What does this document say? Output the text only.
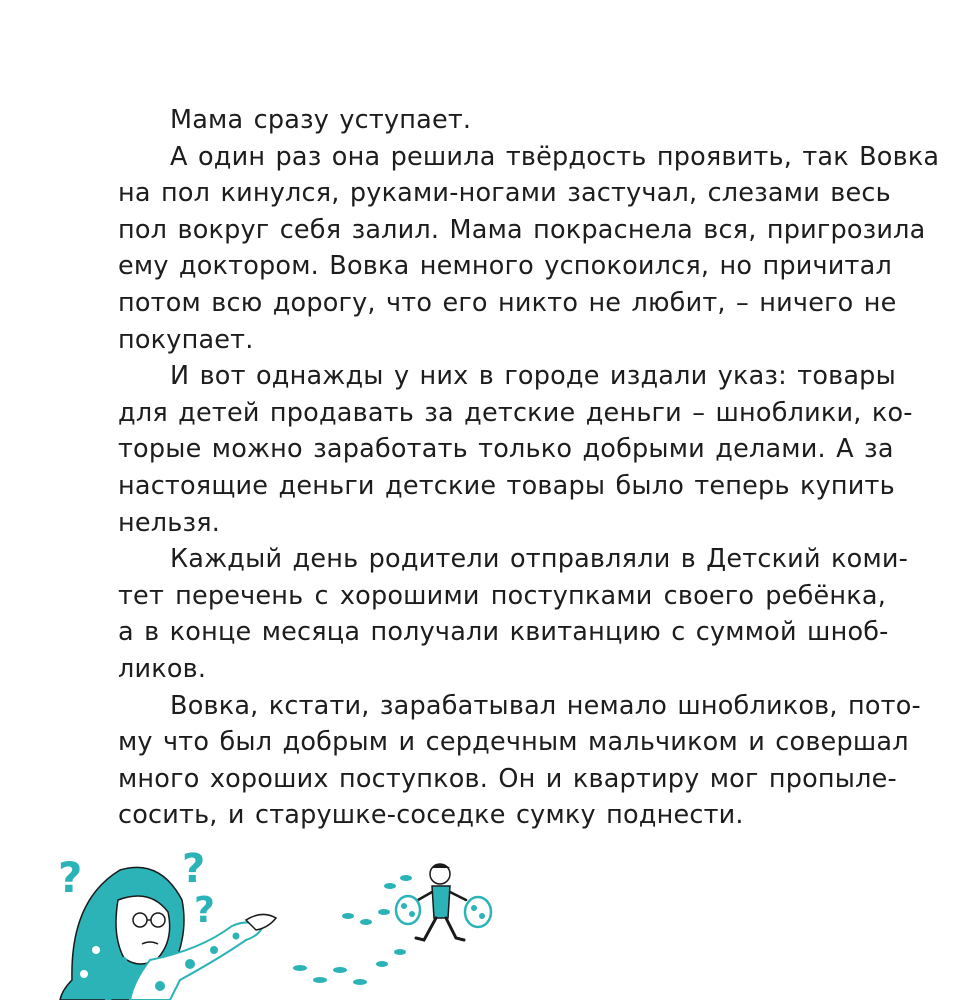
Мама сразу уступает.
А один раз она решила твёрдость проявить, так Вовка
на пол кинулся, руками-ногами застучал, слезами весь
пол вокруг себя залил. Мама покраснела вся, пригрозила
ему доктором. Вовка немного успокоился, но причитал
потом всю дорогу, что его никто не любит, – ничего не
покупает.
И вот однажды у них в городе издали указ: товары
для детей продавать за детские деньги – шноблики, ко-
торые можно заработать только добрыми делами. А за
настоящие деньги детские товары было теперь купить
нельзя.
Каждый день родители отправляли в Детский коми-
тет перечень с хорошими поступками своего ребёнка,
а в конце месяца получали квитанцию с суммой шноб-
ликов.
Вовка, кстати, зарабатывал немало шнобликов, пото-
му что был добрым и сердечным мальчиком и совершал
много хороших поступков. Он и квартиру мог пропыле-
сосить, и старушке-соседке сумку поднести.
? ?
?
